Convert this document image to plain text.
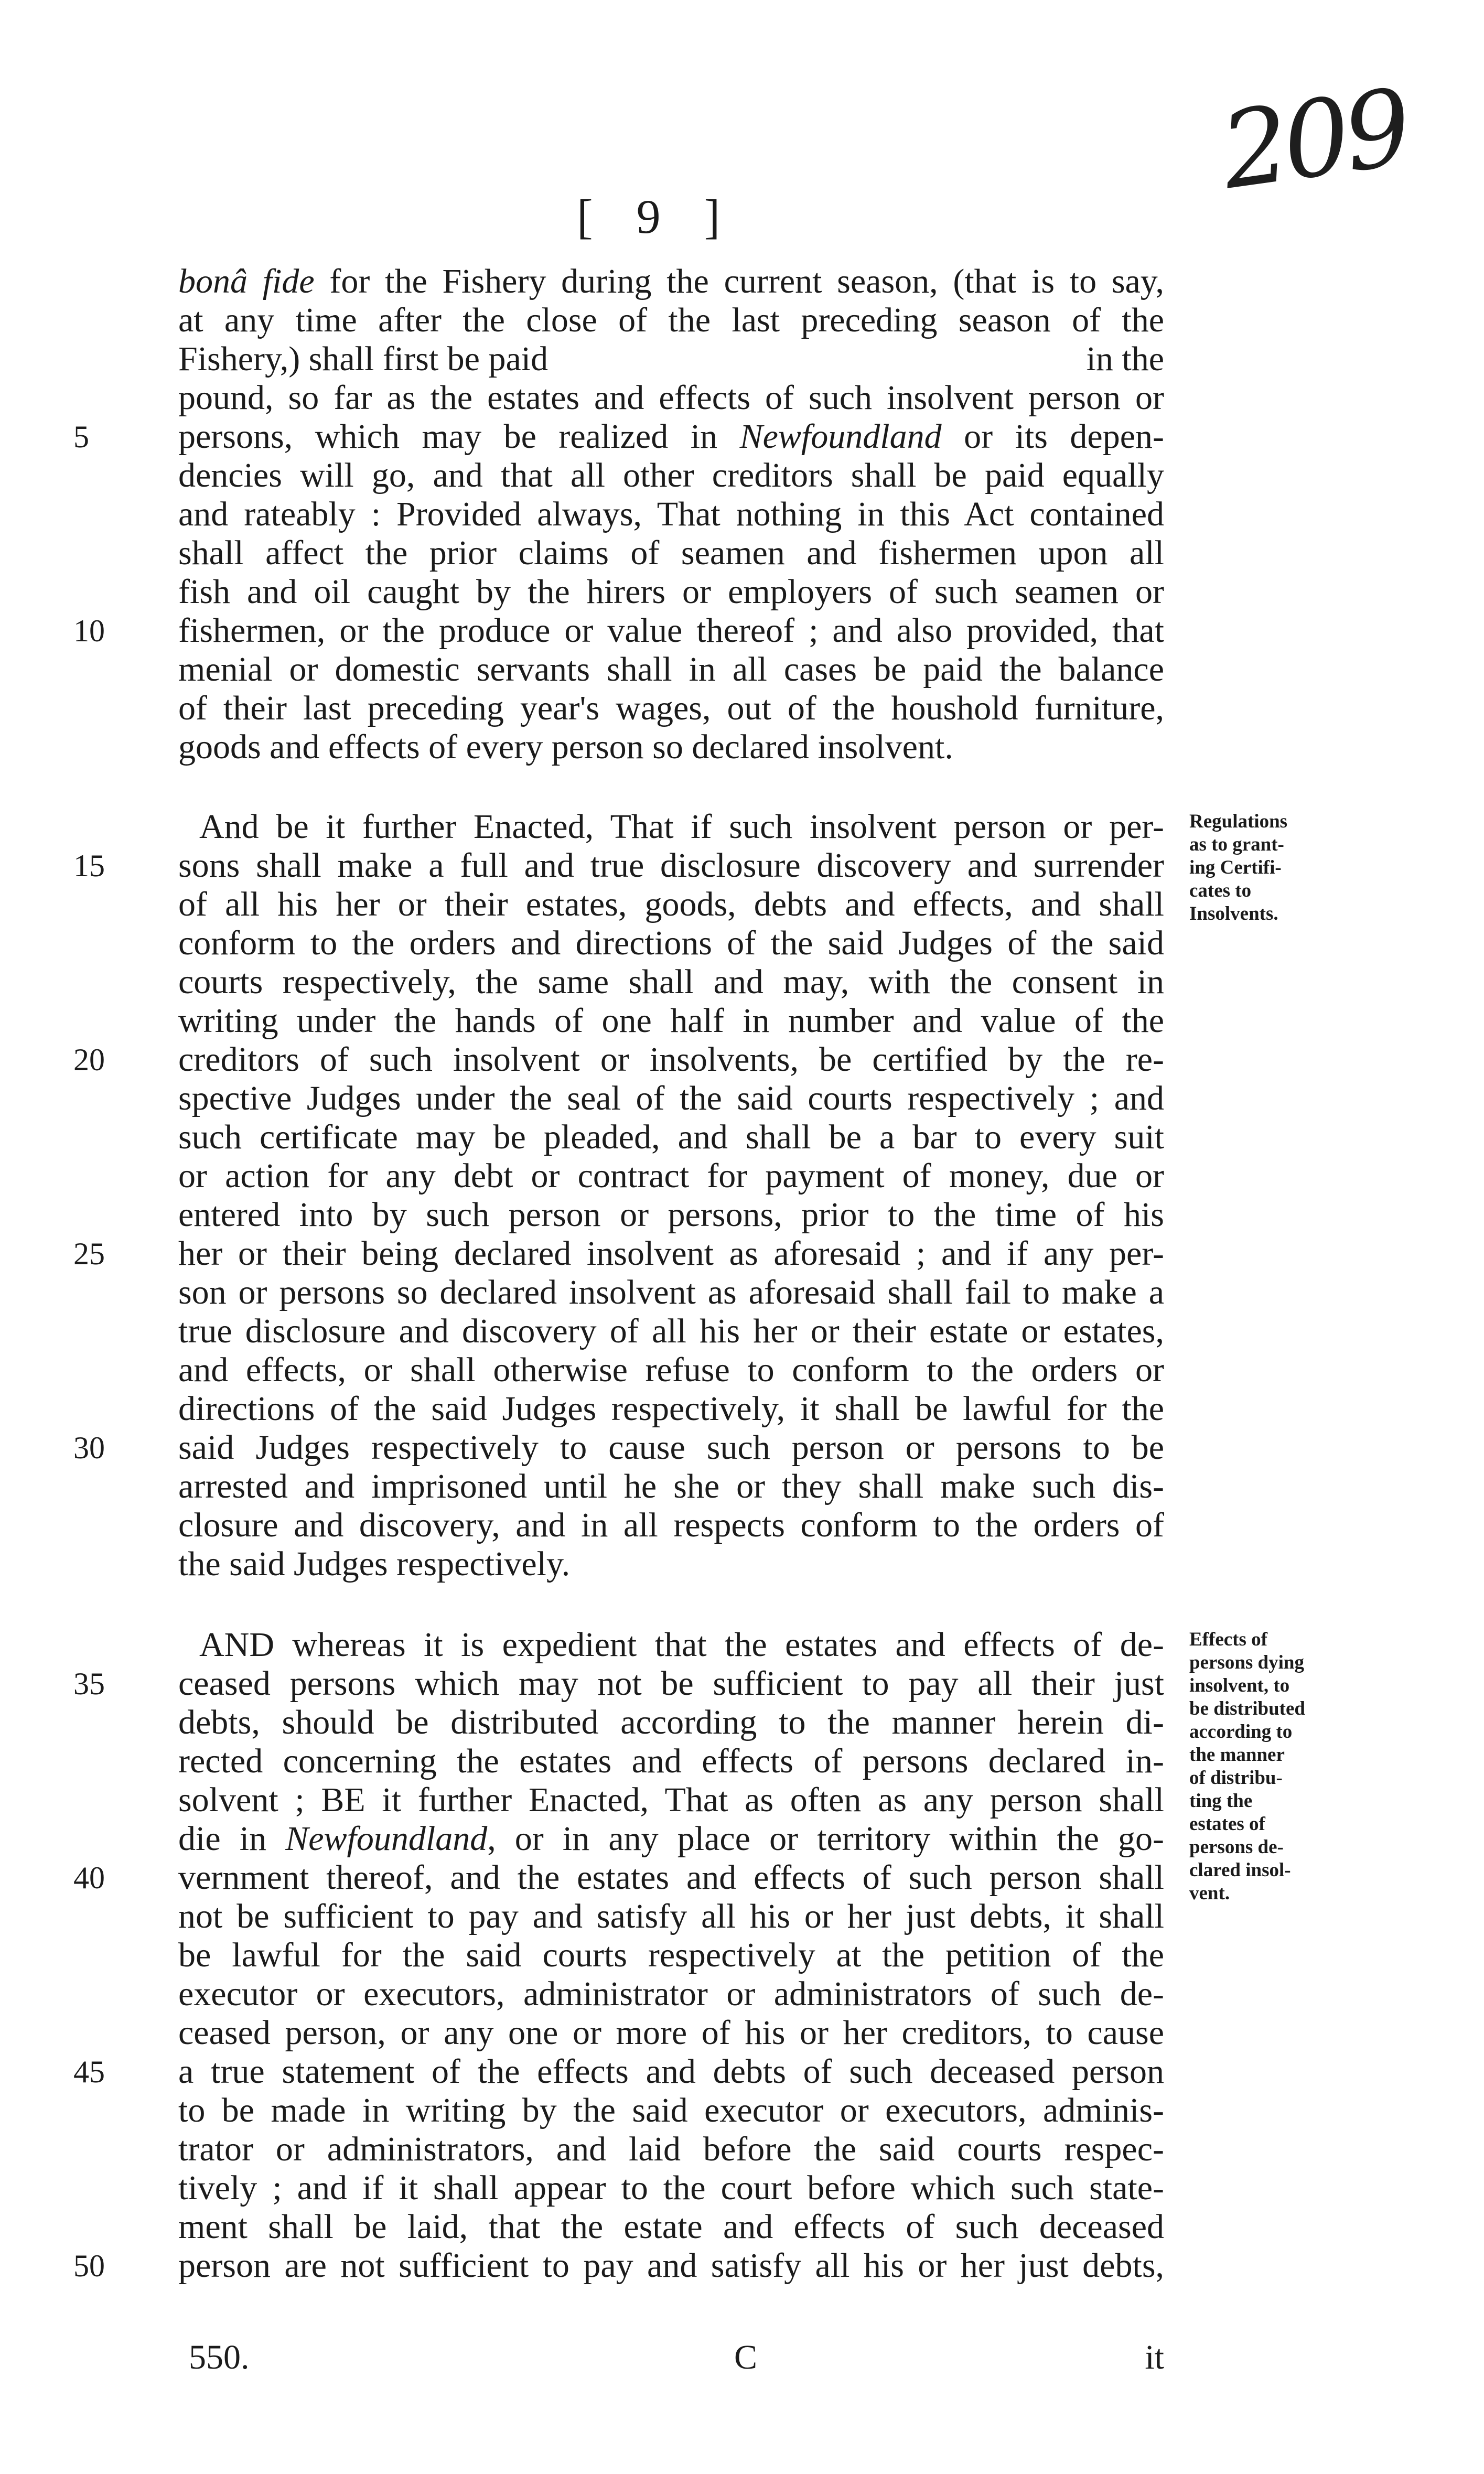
209
[ 9 ]
bonâ fide for the Fishery during the current season, (that is to say,
at any time after the close of the last preceding season of the
Fishery,) shall first be paid	in the
pound, so far as the estates and effects of such insolvent person or
5	persons, which may be realized in Newfoundland or its depen-
dencies will go, and that all other creditors shall be paid equally
and rateably : Provided always, That nothing in this Act contained
shall affect the prior claims of seamen and fishermen upon all
fish and oil caught by the hirers or employers of such seamen or
10	fishermen, or the produce or value thereof ; and also provided, that
menial or domestic servants shall in all cases be paid the balance
of their last preceding year's wages, out of the houshold furniture,
goods and effects of every person so declared insolvent.
And be it further Enacted, That if such insolvent person or per-
15	sons shall make a full and true disclosure discovery and surrender
of all his her or their estates, goods, debts and effects, and shall
conform to the orders and directions of the said Judges of the said
courts respectively, the same shall and may, with the consent in
writing under the hands of one half in number and value of the
20	creditors of such insolvent or insolvents, be certified by the re-
spective Judges under the seal of the said courts respectively ; and
such certificate may be pleaded, and shall be a bar to every suit
or action for any debt or contract for payment of money, due or
entered into by such person or persons, prior to the time of his
25	her or their being declared insolvent as aforesaid ; and if any per-
son or persons so declared insolvent as aforesaid shall fail to make a
true disclosure and discovery of all his her or their estate or estates,
and effects, or shall otherwise refuse to conform to the orders or
directions of the said Judges respectively, it shall be lawful for the
30	said Judges respectively to cause such person or persons to be
arrested and imprisoned until he she or they shall make such dis-
closure and discovery, and in all respects conform to the orders of
the said Judges respectively.
AND whereas it is expedient that the estates and effects of de-
35	ceased persons which may not be sufficient to pay all their just
debts, should be distributed according to the manner herein di-
rected concerning the estates and effects of persons declared in-
solvent ; BE it further Enacted, That as often as any person shall
die in Newfoundland, or in any place or territory within the go-
40	vernment thereof, and the estates and effects of such person shall
not be sufficient to pay and satisfy all his or her just debts, it shall
be lawful for the said courts respectively at the petition of the
executor or executors, administrator or administrators of such de-
ceased person, or any one or more of his or her creditors, to cause
45	a true statement of the effects and debts of such deceased person
to be made in writing by the said executor or executors, adminis-
trator or administrators, and laid before the said courts respec-
tively ; and if it shall appear to the court before which such state-
ment shall be laid, that the estate and effects of such deceased
50	person are not sufficient to pay and satisfy all his or her just debts,
Regulations
as to grant-
ing Certifi-
cates to
Insolvents.
Effects of
persons dying
insolvent, to
be distributed
according to
the manner
of distribu-
ting the
estates of
persons de-
clared insol-
vent.
550.	C	it
